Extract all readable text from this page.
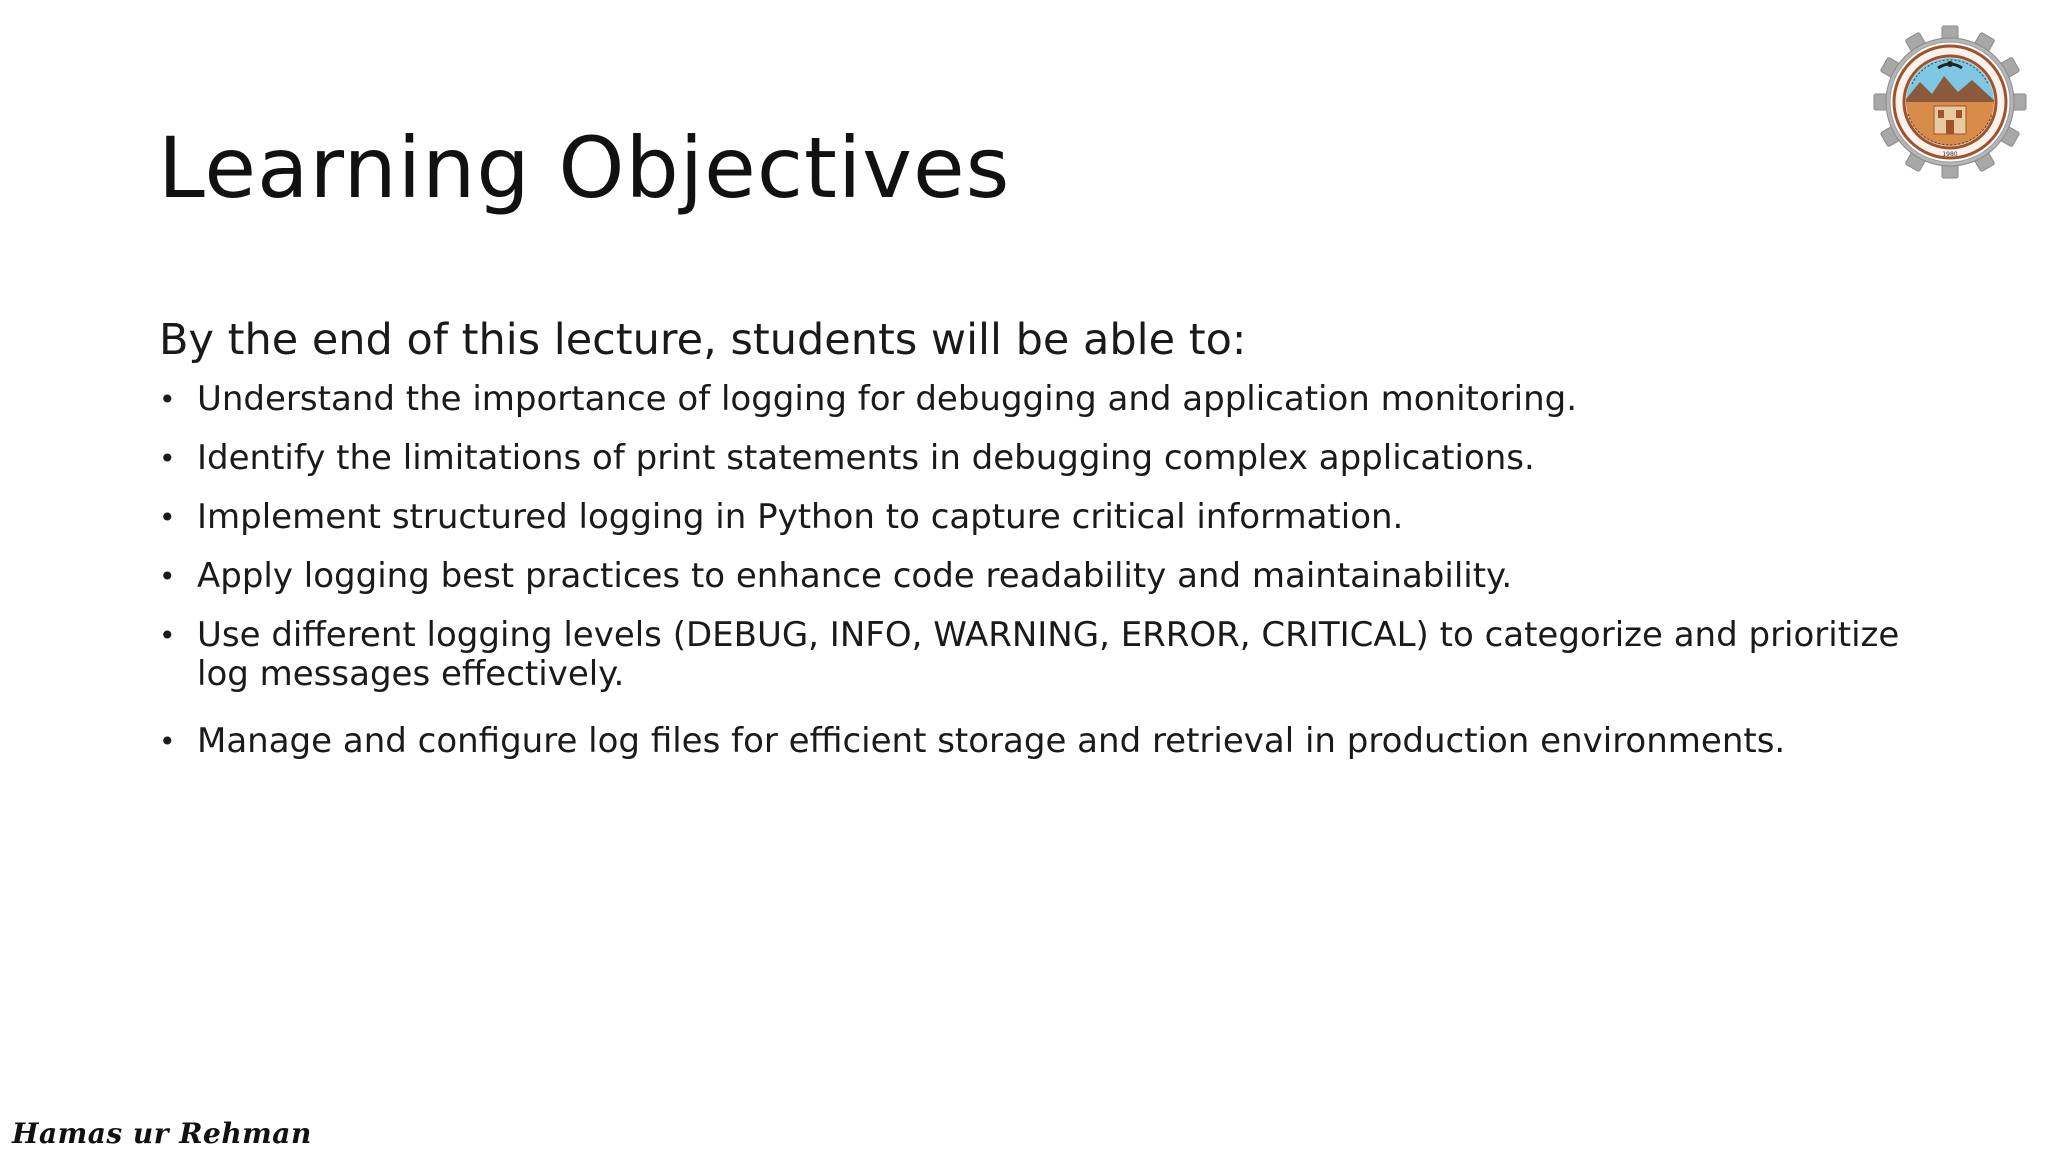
Learning Objectives

By the end of this lecture, students will be able to:

• Understand the importance of logging for debugging and application monitoring.
• Identify the limitations of print statements in debugging complex applications.
• Implement structured logging in Python to capture critical information.
• Apply logging best practices to enhance code readability and maintainability.
• Use different logging levels (DEBUG, INFO, WARNING, ERROR, CRITICAL) to categorize and prioritize log messages effectively.
• Manage and configure log files for efficient storage and retrieval in production environments.
1980
Hamas ur Rehman
